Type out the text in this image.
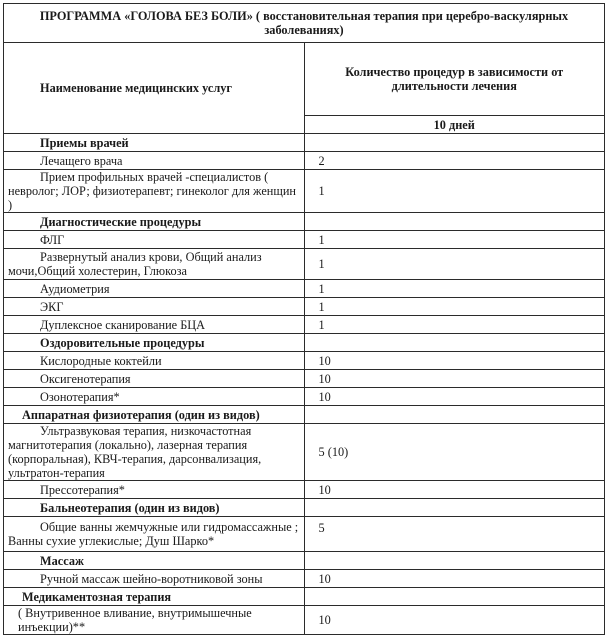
ПРОГРАММА «ГОЛОВА БЕЗ БОЛИ» ( восстановительная терапия при церебро-васкулярных заболеваниях)	
Наименование медицинских услуг	Количество процедур в зависимости от длительности лечения
	10 дней
Приемы врачей	
Лечащего врача	2
Прием профильных врачей -специалистов ( невролог; ЛОР; физиотерапевт; гинеколог для женщин )	1
Диагностические процедуры	
ФЛГ	1
Развернутый анализ крови, Общий анализ мочи,Общий холестерин, Глюкоза	1
Аудиометрия	1
ЭКГ	1
Дуплексное сканирование БЦА	1
Оздоровительные процедуры	
Кислородные коктейли	10
Оксигенотерапия	10
Озонотерапия*	10
Аппаратная физиотерапия (один из видов)	
Ультразвуковая терапия, низкочастотная магнитотерапия (локально), лазерная терапия (корпоральная), КВЧ-терапия, дарсонвализация, ультратон-терапия	5 (10)
Прессотерапия*	10
Бальнеотерапия (один из видов)	
Общие ванны жемчужные или гидромассажные ; Ванны сухие углекислые; Душ Шарко*	5
Массаж	
Ручной массаж шейно-воротниковой зоны	10
Медикаментозная терапия	
( Внутривенное вливание, внутримышечные инъекции)**	10
